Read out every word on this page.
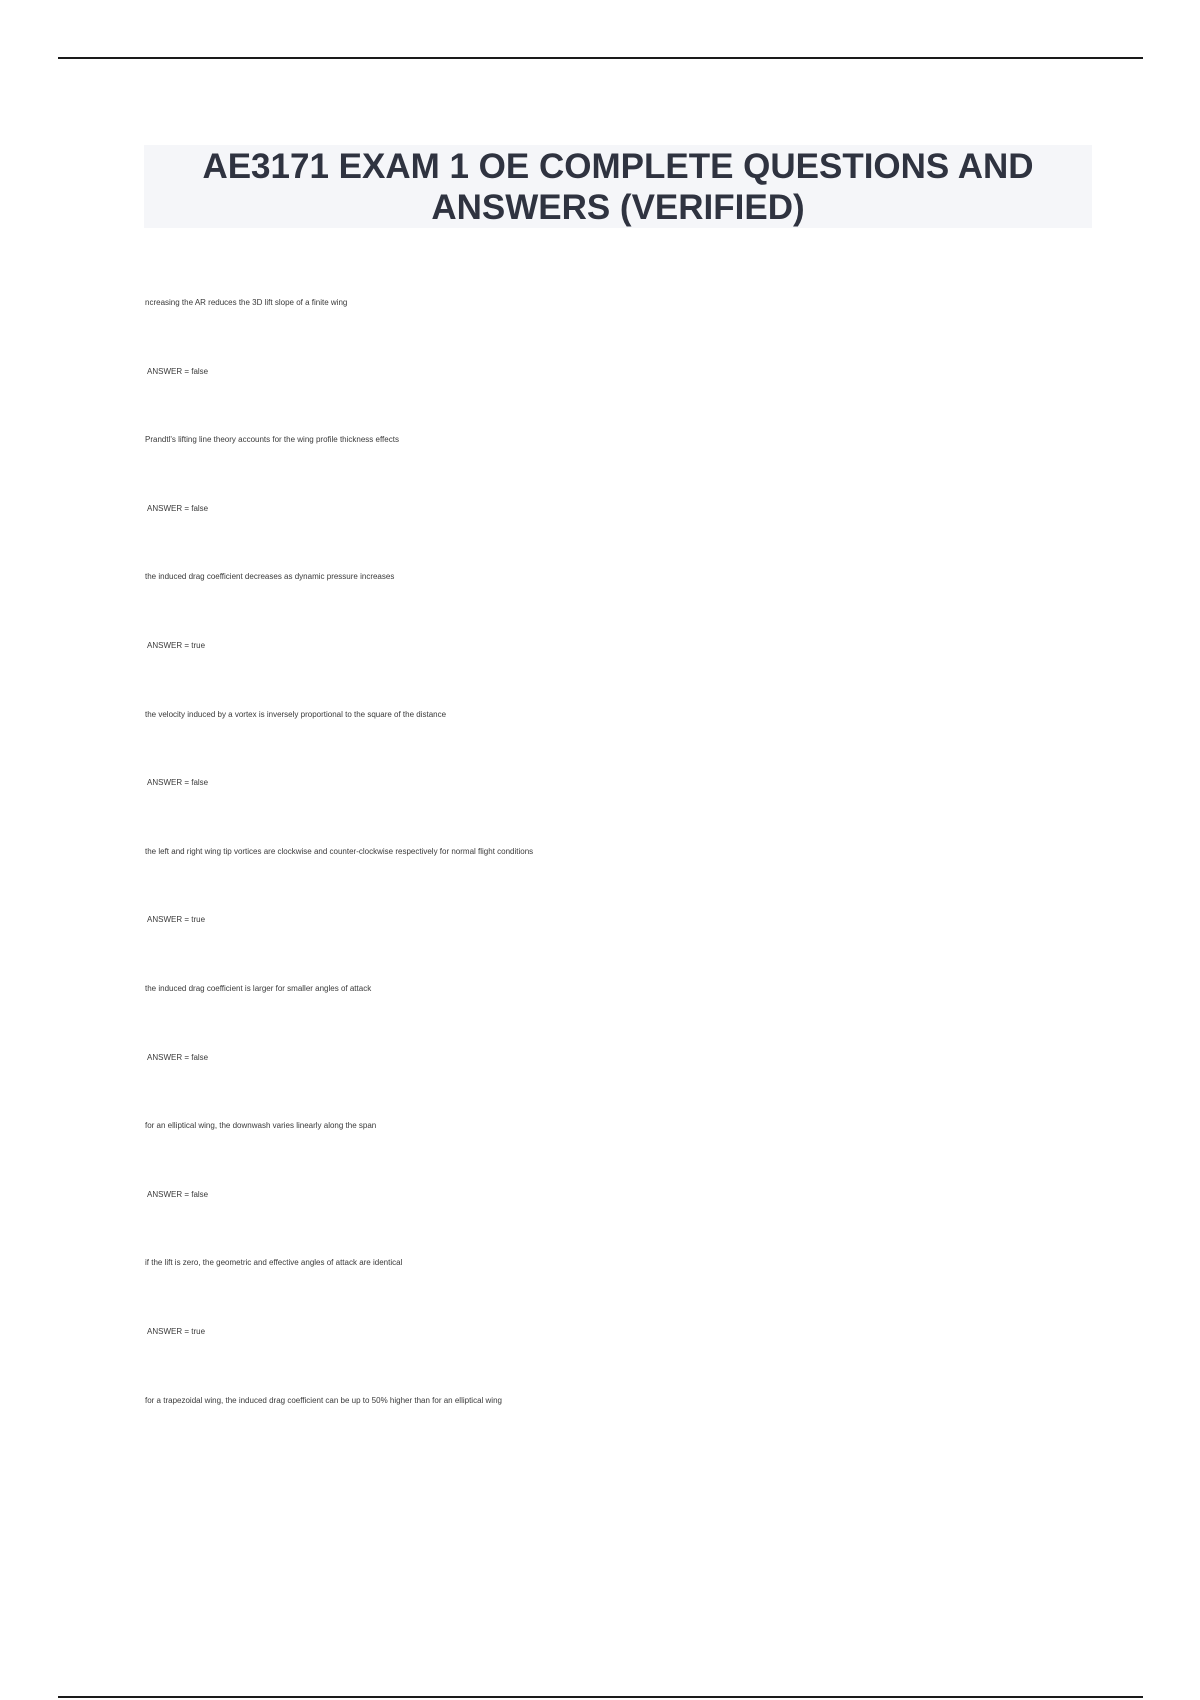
AE3171 EXAM 1 OE COMPLETE QUESTIONS AND ANSWERS (VERIFIED)
ncreasing the AR reduces the 3D lift slope of a finite wing
ANSWER = false
Prandtl's lifting line theory accounts for the wing profile thickness effects
ANSWER = false
the induced drag coefficient decreases as dynamic pressure increases
ANSWER = true
the velocity induced by a vortex is inversely proportional to the square of the distance
ANSWER = false
the left and right wing tip vortices are clockwise and counter-clockwise respectively for normal flight conditions
ANSWER = true
the induced drag coefficient is larger for smaller angles of attack
ANSWER = false
for an elliptical wing, the downwash varies linearly along the span
ANSWER = false
if the lift is zero, the geometric and effective angles of attack are identical
ANSWER = true
for a trapezoidal wing, the induced drag coefficient can be up to 50% higher than for an elliptical wing
